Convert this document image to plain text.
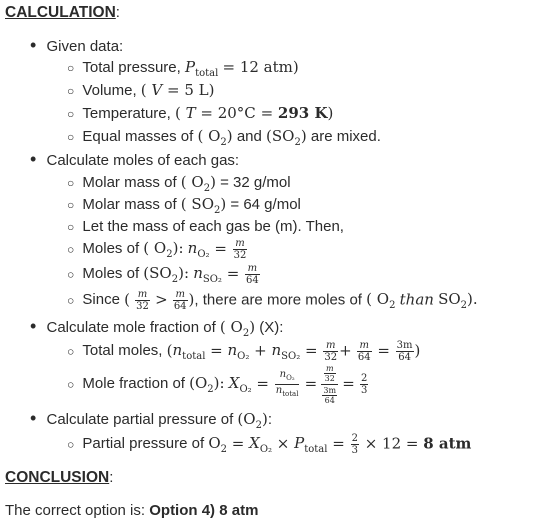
CALCULATION:
• Given data:
○ Total pressure, $P_{total} = 12$ atm)
○ Volume, ( V = 5 L)
○ Temperature, ( T = 20°C = 293 K)
○ Equal masses of ( $O_2$) and $(SO_2)$ are mixed.
• Calculate moles of each gas:
○ Molar mass of ( $O_2) = 32$ g/mol
○ Molar mass of ( $SO_2) = 64$ g/mol
○ Let the mass of each gas be (m). Then,
○ Moles of ( $O_2$): $n_{O_2} = \frac{m}{32}$
○ Moles of $(SO_2)$: $n_{SO_2} = \frac{m}{64}$
○ Since ( $\frac{m}{32} > \frac{m}{64}$ ), there are more moles of ( $O_2$ than $SO_2$).
• Calculate mole fraction of ( $O_2$) (X):
○ Total moles, ($n_{total} = n_{O_2} + n_{SO_2} = \frac{m}{32} + \frac{m}{64} = \frac{3m}{64}$ )
○ Mole fraction of $(O_2)$: $X_{O_2} = \frac{n_{O_2}}{n_{total}} = \frac{\frac{m}{32}}{\frac{3m}{64}} = \frac{2}{3}$
• Calculate partial pressure of $(O_2)$:
○ Partial pressure of $O_2 = X_{O_2} \times P_{total} = \frac{2}{3} \times 12 = 8$ atm
CONCLUSION:
The correct option is: Option 4) 8 atm
